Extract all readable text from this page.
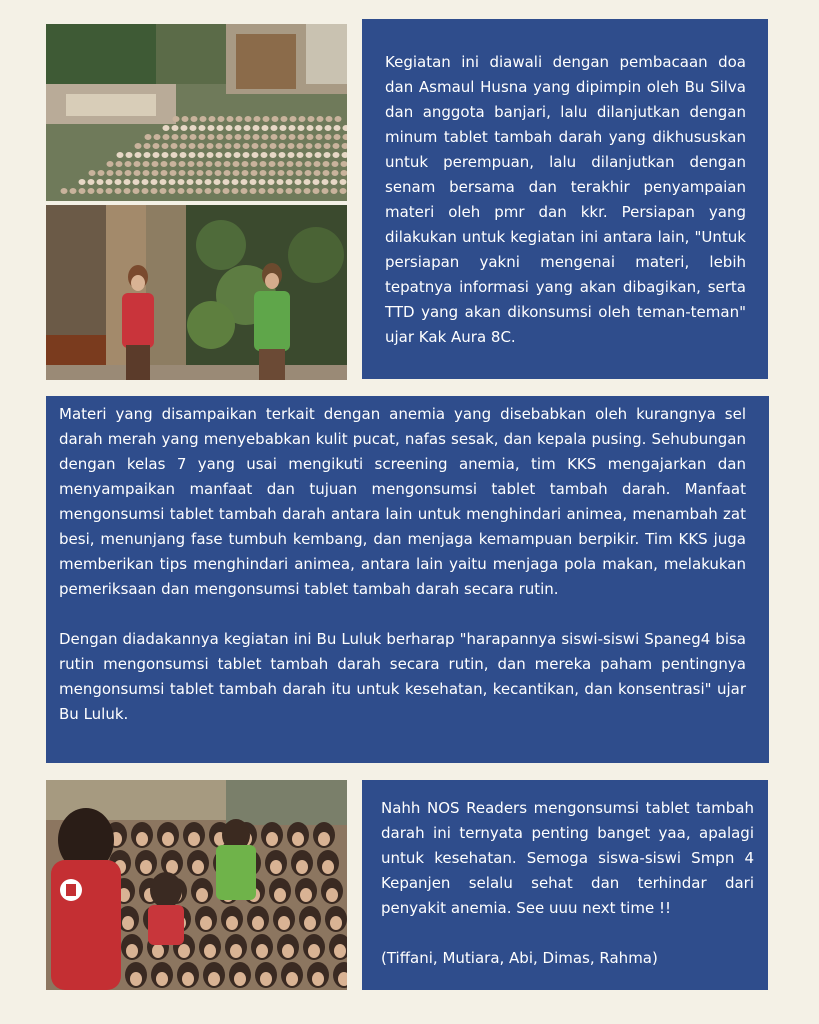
Kegiatan ini diawali dengan pembacaan doa dan Asmaul Husna yang dipimpin oleh Bu Silva dan anggota banjari, lalu dilanjutkan dengan minum tablet tambah darah yang dikhususkan untuk perempuan, lalu dilanjutkan dengan senam bersama dan terakhir penyampaian materi oleh pmr dan kkr. Persiapan yang dilakukan untuk kegiatan ini antara lain, "Untuk persiapan yakni mengenai materi, lebih tepatnya informasi yang akan dibagikan, serta TTD yang akan dikonsumsi oleh teman-teman" ujar Kak Aura 8C.

Materi yang disampaikan terkait dengan anemia yang disebabkan oleh kurangnya sel darah merah yang menyebabkan kulit pucat, nafas sesak, dan kepala pusing. Sehubungan dengan kelas 7 yang usai mengikuti screening anemia, tim KKS mengajarkan dan menyampaikan manfaat dan tujuan mengonsumsi tablet tambah darah. Manfaat mengonsumsi tablet tambah darah antara lain untuk menghindari animea, menambah zat besi, menunjang fase tumbuh kembang, dan menjaga kemampuan berpikir. Tim KKS juga memberikan tips menghindari animea, antara lain yaitu menjaga pola makan, melakukan pemeriksaan dan mengonsumsi tablet tambah darah secara rutin.

Dengan diadakannya kegiatan ini Bu Luluk berharap "harapannya siswi-siswi Spaneg4 bisa rutin mengonsumsi tablet tambah darah secara rutin, dan mereka paham pentingnya mengonsumsi tablet tambah darah itu untuk kesehatan, kecantikan, dan konsentrasi" ujar Bu Luluk.

Nahh NOS Readers mengonsumsi tablet tambah darah ini ternyata penting banget yaa, apalagi untuk kesehatan. Semoga siswa-siswi Smpn 4 Kepanjen selalu sehat dan terhindar dari penyakit anemia. See uuu next time !!

(Tiffani, Mutiara, Abi, Dimas, Rahma)
